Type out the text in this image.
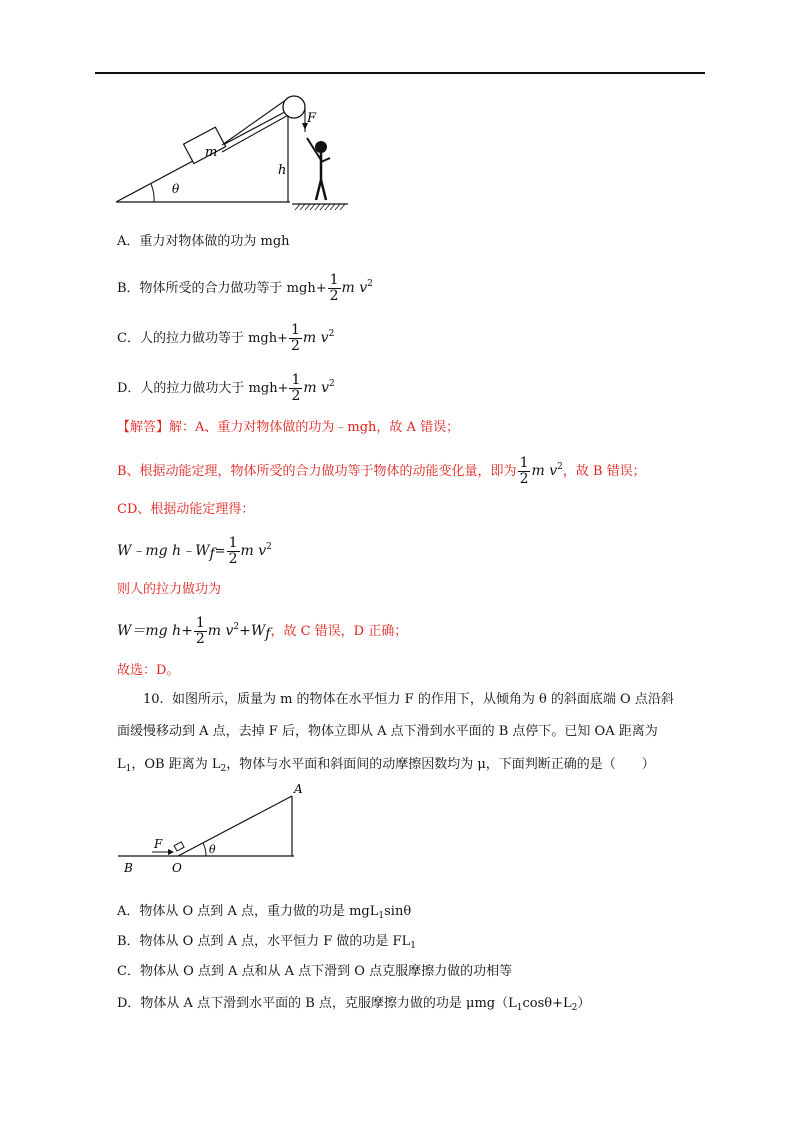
m
F
h
θ
A．重力对物体做的功为 mgh
B．物体所受的合力做功等于 $mgh+ \frac{1}{2}$ m $v^2$
C．人的拉力做功等于 $mgh+ \frac{1}{2}$ m $v^2$
D．人的拉力做功大于 $mgh+ \frac{1}{2}$ m $v^2$
【解答】解：A、重力对物体做的功为﹣mgh，故 A 错误；
B、根据动能定理，物体所受的合力做功等于物体的动能变化量，即为 $\frac{1}{2}$ m $v^2$，故 B 错误；
CD、根据动能定理得：
W﹣mg $h﹣W_f= \frac{1}{2}$ m $v^2$
则人的拉力做功为
W＝mg $h+ \frac{1}{2}$ m $v^2+W_f$，故 C 错误，D 正确；
故选：D。
10. 如图所示，质量为 m 的物体在水平恒力 F 的作用下，从倾角为 θ 的斜面底端 O 点沿斜
面缓慢移动到 A 点，去掉 F 后，物体立即从 A 点下滑到水平面的 B 点停下。已知 OA 距离为
$L_1$，OB 距离为 $L_2$，物体与水平面和斜面间的动摩擦因数均为 μ，下面判断正确的是（　　）
F
A
B	O
θ
A．物体从 O 点到 A 点，重力做的功是 mgL$_1$sinθ
B．物体从 O 点到 A 点，水平恒力 F 做的功是 $FL_1$
C．物体从 O 点到 A 点和从 A 点下滑到 O 点克服摩擦力做的功相等
D．物体从 A 点下滑到水平面的 B 点，克服摩擦力做的功是 $\mu mg(L_1\cos\theta+L_2)$
